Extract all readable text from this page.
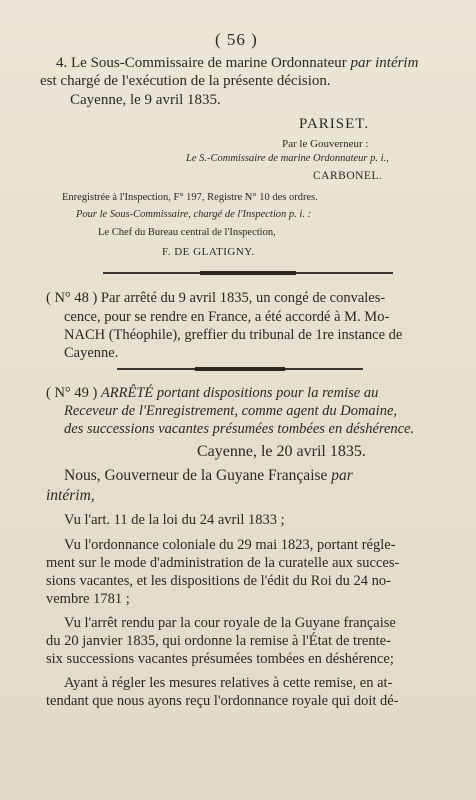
( 56 )
4. Le Sous-Commissaire de marine Ordonnateur par intérim
est chargé de l'exécution de la présente décision.
Cayenne, le 9 avril 1835.
PARISET.
Par le Gouverneur :
Le S.-Commissaire de marine Ordonnateur p. i.,
CARBONEL.
Enregistrée à l'Inspection, F° 197, Registre N° 10 des ordres.
Pour le Sous-Commissaire, chargé de l'Inspection p. i. :
Le Chef du Bureau central de l'Inspection,
F. DE GLATIGNY.
( N° 48 ) Par arrêté du 9 avril 1835, un congé de convales-
cence, pour se rendre en France, a été accordé à M. Mo-
NACH (Théophile), greffier du tribunal de 1re instance de
Cayenne.
( N° 49 ) ARRÊTÉ portant dispositions pour la remise au
Receveur de l'Enregistrement, comme agent du Domaine,
des successions vacantes présumées tombées en déshérence.
Cayenne, le 20 avril 1835.
Nous, Gouverneur de la Guyane Française par
intérim,
Vu l'art. 11 de la loi du 24 avril 1833 ;
Vu l'ordonnance coloniale du 29 mai 1823, portant régle-
ment sur le mode d'administration de la curatelle aux succes-
sions vacantes, et les dispositions de l'édit du Roi du 24 no-
vembre 1781 ;
Vu l'arrêt rendu par la cour royale de la Guyane française
du 20 janvier 1835, qui ordonne la remise à l'État de trente-
six successions vacantes présumées tombées en déshérence;
Ayant à régler les mesures relatives à cette remise, en at-
tendant que nous ayons reçu l'ordonnance royale qui doit dé-
